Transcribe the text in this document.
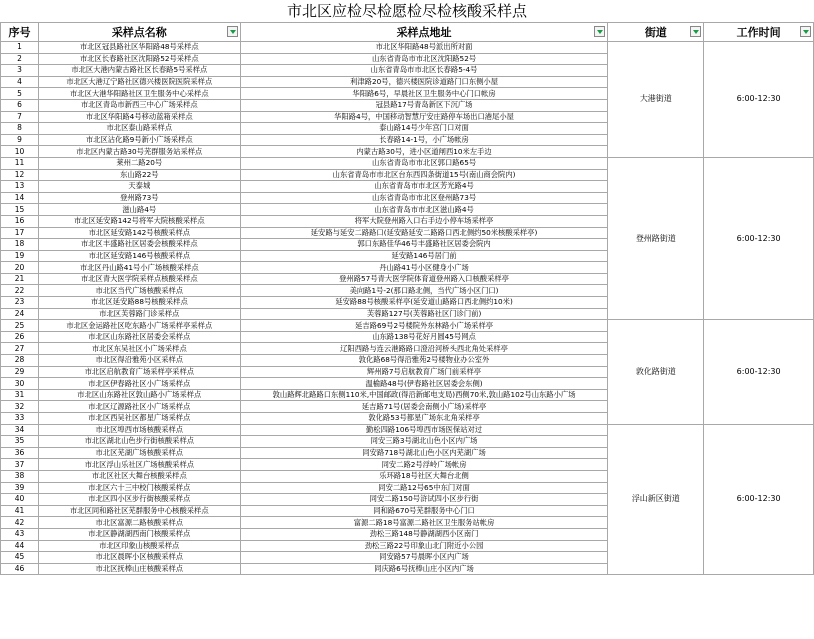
市北区应检尽检愿检尽检核酸采样点
序号	采样点名称	采样点地址	街道	工作时间

1	市北区冠县路社区华阳路48号采样点	市北区华阳路48号派出所对面	大港街道	6:00-12:30
2	市北区长春路社区沈阳路52号采样点	山东省青岛市市北区沈阳路52号		
3	市北区大港内蒙古路社区长春路5号采样点	山东省青岛市市北区长春路5-4号		
4	市北区大港辽宁路社区德兴楼医院医院采样点	利津路20号，德兴楼医院诊道路门口东侧小屋		
5	市北区大港华阳路社区卫生服务中心采样点	华阳路6号，早晨社区卫生服务中心门口帐房		
6	市北区青岛市新西三中心广场采样点	冠县路17号青岛新区下沉广场		
7	市北区华阳路4号移动蓝箱采样点	华阳路4号，中国移动智慧厅安庄路停车场出口港尾小屋		
8	市北区泰山路采样点	泰山路14号少年宫门口对面		
9	市北区沾化路9号新小广场采样点	长春路14-1号，小广场帐房		
10	市北区内蒙古路30号芜群服务站采样点	内蒙古路30号，进小区道闸西10米左手边		
11	莱州二路20号	山东省青岛市市北区郭口路65号	登州路街道	6:00-12:30
12	东山路22号	山东省青岛市市北区台东西四条街道15号(南山商会院内)		
13	天泰城	山东省青岛市市北区芳光路4号		
14	登州路73号	山东省青岛市市北区登州路73号		
15	滋山路4号	山东省青岛市市北区滋山路4号		
16	市北区延安路142号将军大院核酸采样点	将军大院登州路入口右手边小停车场采样亭		
17	市北区延安路142号核酸采样点	延安路与延安二路路口(延安路延安二路路口西北侧约50米核酸采样亭)		
18	市北区丰盛路社区居委会核酸采样点	郭口东路佳华46号丰盛路社区居委会院内		
19	市北区延安路146号核酸采样点	延安路146号居门前		
20	市北区丹山路41号小广场核酸采样点	丹山路41号小区健身小广场		
21	市北区青大医学院采样点核酸采样点	登州路57号青大医学院体育道登州路入口核酸采样亭		
22	市北区当代广场核酸采样点	美向路1号-2(那口路北侧，当代广场小区门口)		
23	市北区延安路88号核酸采样点	延安路88号核酸采样亭(延安道山路路口西北侧约10米)		
24	市北区芙蓉路门诊采样点	芙蓉路127号(芙蓉路社区门诊门前)		
25	市北区金运路社区吃东路小广场采样亭采样点	延吉路69号2号楼院外东林路小广场采样亭	敦化路街道	6:00-12:30
26	市北区山东路社区居委会采样点	山东路138号花好月圆45号网点		
27	市北区东吴社区小广场采样点	辽阳西路与连云港路路口澄沿河桥头西北角处采样亭		
28	市北区得沿雅苑小区采样点	敦化路68号得沿雅苑2号楼物业办公室外		
29	市北区启航教育广场采样亭采样点	辉州路7号启航教育广场门前采样亭		
30	市北区伊春路社区小广场采样点	温榆路48号(伊春路社区居委会东侧)		
31	市北区山东路社区敦山路小广场采样点	敦山路辉北路路口东侧110米,中国邮政(得沿新邮电支局)西侧70米,敦山路102号山东路小广场		
32	市北区辽源路社区小广场采样点	延吉路71号(居委会南侧小广场)采样亭		
33	市北区西吴社区都星广场采样点	敦化路53号都星广场东北角采样亭		
34	市北区埠西市场核酸采样点	勤松四路106号埠西市场医保站对过	浮山新区街道	6:00-12:30
35	市北区湖北山色步行街核酸采样点	同安三路3号湖北山色小区内广场		
36	市北区芜湖广场核酸采样点	同安路718号湖北山色小区内芜湖广场		
37	市北区浮山乐社区广场核酸采样点	同安二路2号浮岭广场帐房		
38	市北区社区大舞台核酸采样点	乐环路18号社区大舞台北侧		
39	市北区六十三中校门核酸采样点	同安二路12号65中东门对面		
40	市北区四小区步行街核酸采样点	同安二路150号浒试四小区步行街		
41	市北区同和路社区芜群服务中心核酸采样点	同和路670号芜群服务中心门口		
42	市北区富源二路核酸采样点	富源二路18号富源二路社区卫生服务站帐房		
43	市北区静湖湖西南门核酸采样点	劲松三路148号静湖湖西小区南门		
44	市北区印象山核酸采样点	劲松三路22号印象山北门附近小公园		
45	市北区晨晖小区核酸采样点	同安路57号晨晖小区内广场		
46	市北区抚棒山庄核酸采样点	同庆路6号抚棒山庄小区内广场		
